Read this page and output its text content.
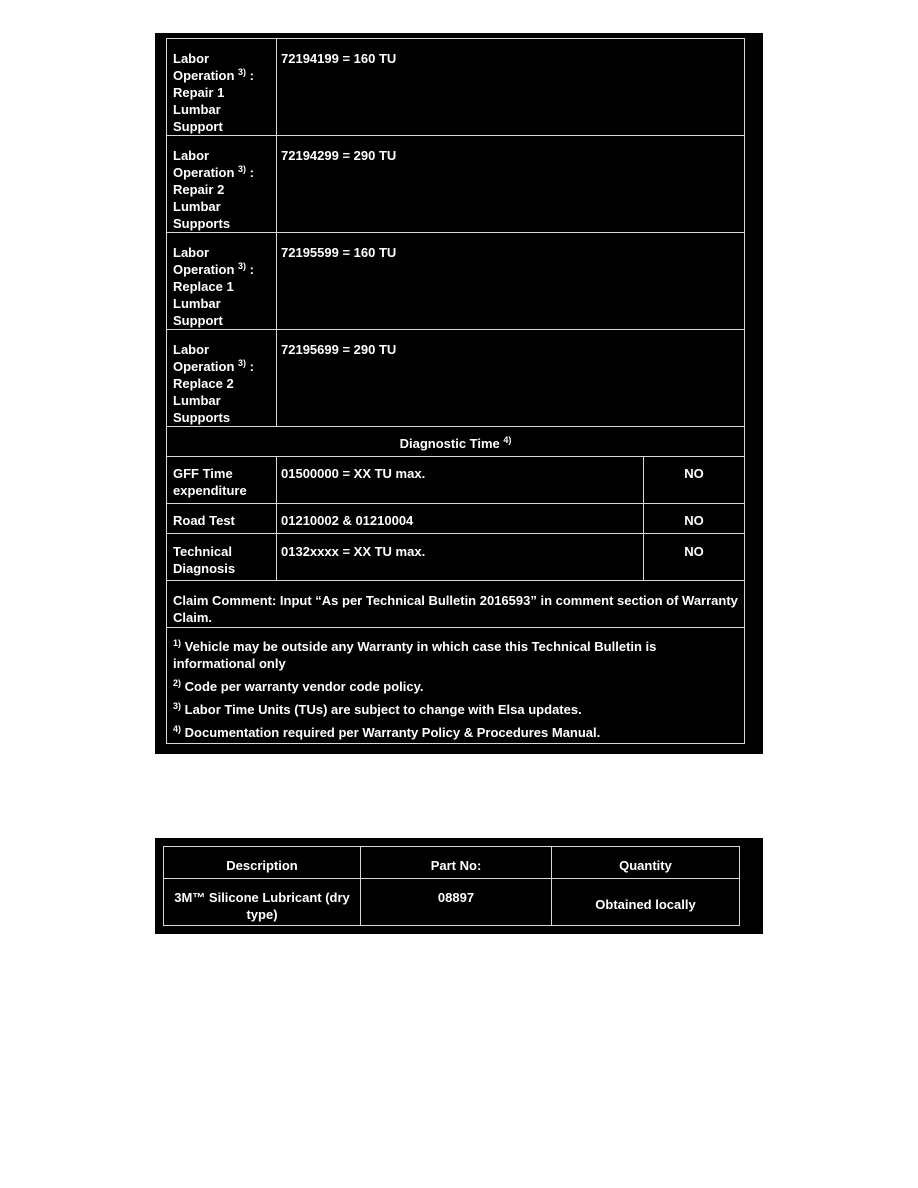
Labor
Operation $^{3)}$ :
Repair 1
Lumbar
Support	72194199 = 160 TU	
Labor
Operation $^{3)}$ :
Repair 2
Lumbar
Supports	72194299 = 290 TU	
Labor
Operation $^{3)}$ :
Replace 1
Lumbar
Support	72195599 = 160 TU	
Labor
Operation $^{3)}$ :
Replace 2
Lumbar
Supports	72195699 = 290 TU	
Diagnostic Time $^{4)}$
GFF Time
expenditure	01500000 = XX TU max.	NO
Road Test	01210002 & 01210004	NO
Technical
Diagnosis	0132xxxx = XX TU max.	NO
Claim Comment: Input “As per Technical Bulletin 2016593” in comment section of Warranty Claim.		

$^{1)}$ Vehicle may be outside any Warranty in which case this Technical Bulletin is informational only
$^{2)}$ Code per warranty vendor code policy.
$^{3)}$ Labor Time Units (TUs) are subject to change with Elsa updates.
$^{4)}$ Documentation required per Warranty Policy & Procedures Manual.		
Description	Part No:	Quantity
3M™ Silicone Lubricant (dry type)	08897	Obtained locally
